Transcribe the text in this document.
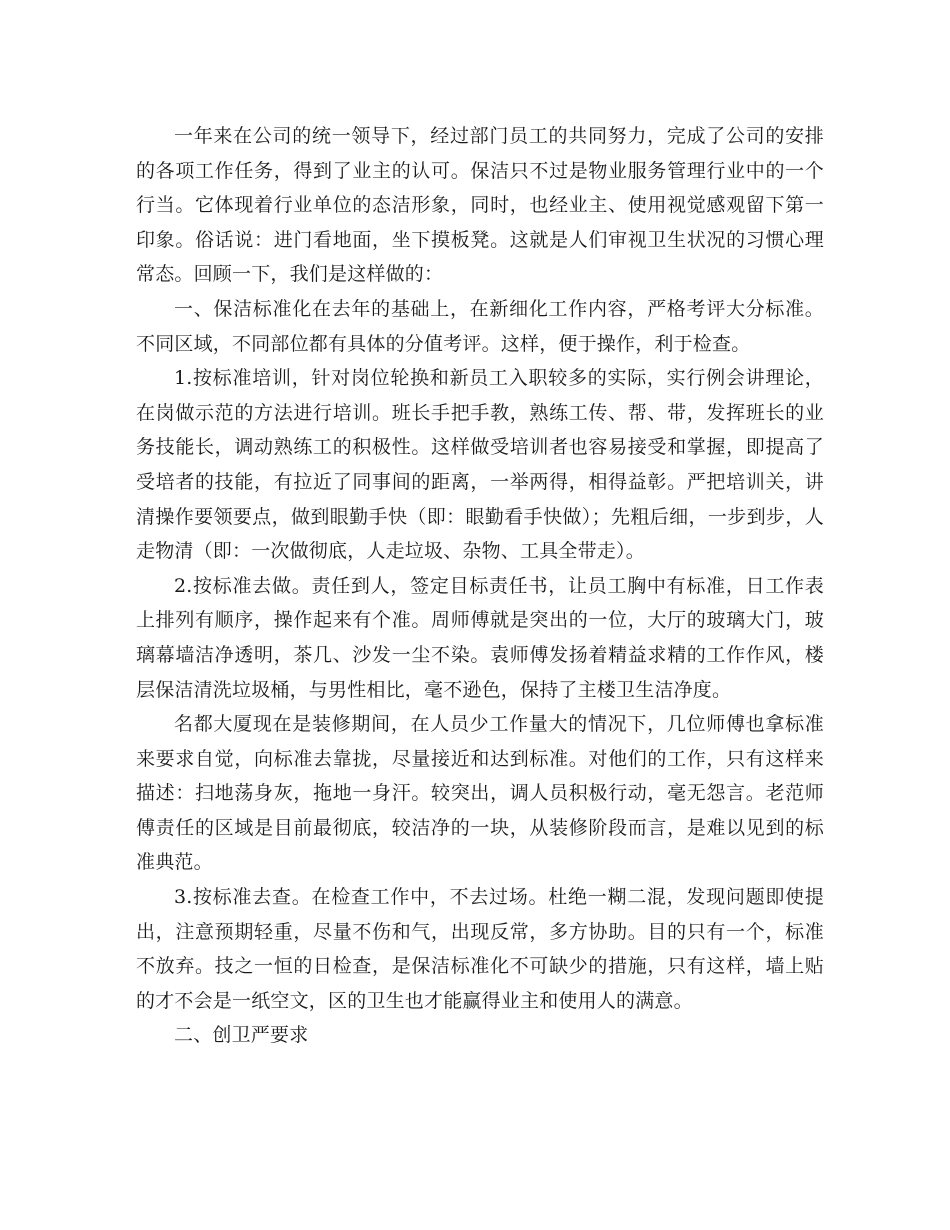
一年来在公司的统一领导下，经过部门员工的共同努力，完成了公司的安排的各项工作任务，得到了业主的认可。保洁只不过是物业服务管理行业中的一个行当。它体现着行业单位的态洁形象，同时，也经业主、使用视觉感观留下第一印象。俗话说：进门看地面，坐下摸板凳。这就是人们审视卫生状况的习惯心理常态。回顾一下，我们是这样做的：

一、保洁标准化在去年的基础上，在新细化工作内容，严格考评大分标准。不同区域，不同部位都有具体的分值考评。这样，便于操作，利于检查。

1.按标准培训，针对岗位轮换和新员工入职较多的实际，实行例会讲理论，在岗做示范的方法进行培训。班长手把手教，熟练工传、帮、带，发挥班长的业务技能长，调动熟练工的积极性。这样做受培训者也容易接受和掌握，即提高了受培者的技能，有拉近了同事间的距离，一举两得，相得益彰。严把培训关，讲清操作要领要点，做到眼勤手快（即：眼勤看手快做）；先粗后细，一步到步，人走物清（即：一次做彻底，人走垃圾、杂物、工具全带走）。

2.按标准去做。责任到人，签定目标责任书，让员工胸中有标准，日工作表上排列有顺序，操作起来有个准。周师傅就是突出的一位，大厅的玻璃大门，玻璃幕墙洁净透明，茶几、沙发一尘不染。袁师傅发扬着精益求精的工作作风，楼层保洁清洗垃圾桶，与男性相比，毫不逊色，保持了主楼卫生洁净度。

名都大厦现在是装修期间，在人员少工作量大的情况下，几位师傅也拿标准来要求自觉，向标准去靠拢，尽量接近和达到标准。对他们的工作，只有这样来描述：扫地荡身灰，拖地一身汗。较突出，调人员积极行动，毫无怨言。老范师傅责任的区域是目前最彻底，较洁净的一块，从装修阶段而言，是难以见到的标准典范。

3.按标准去查。在检查工作中，不去过场。杜绝一糊二混，发现问题即使提出，注意预期轻重，尽量不伤和气，出现反常，多方协助。目的只有一个，标准不放弃。技之一恒的日检查，是保洁标准化不可缺少的措施，只有这样，墙上贴的才不会是一纸空文，区的卫生也才能赢得业主和使用人的满意。

二、创卫严要求
